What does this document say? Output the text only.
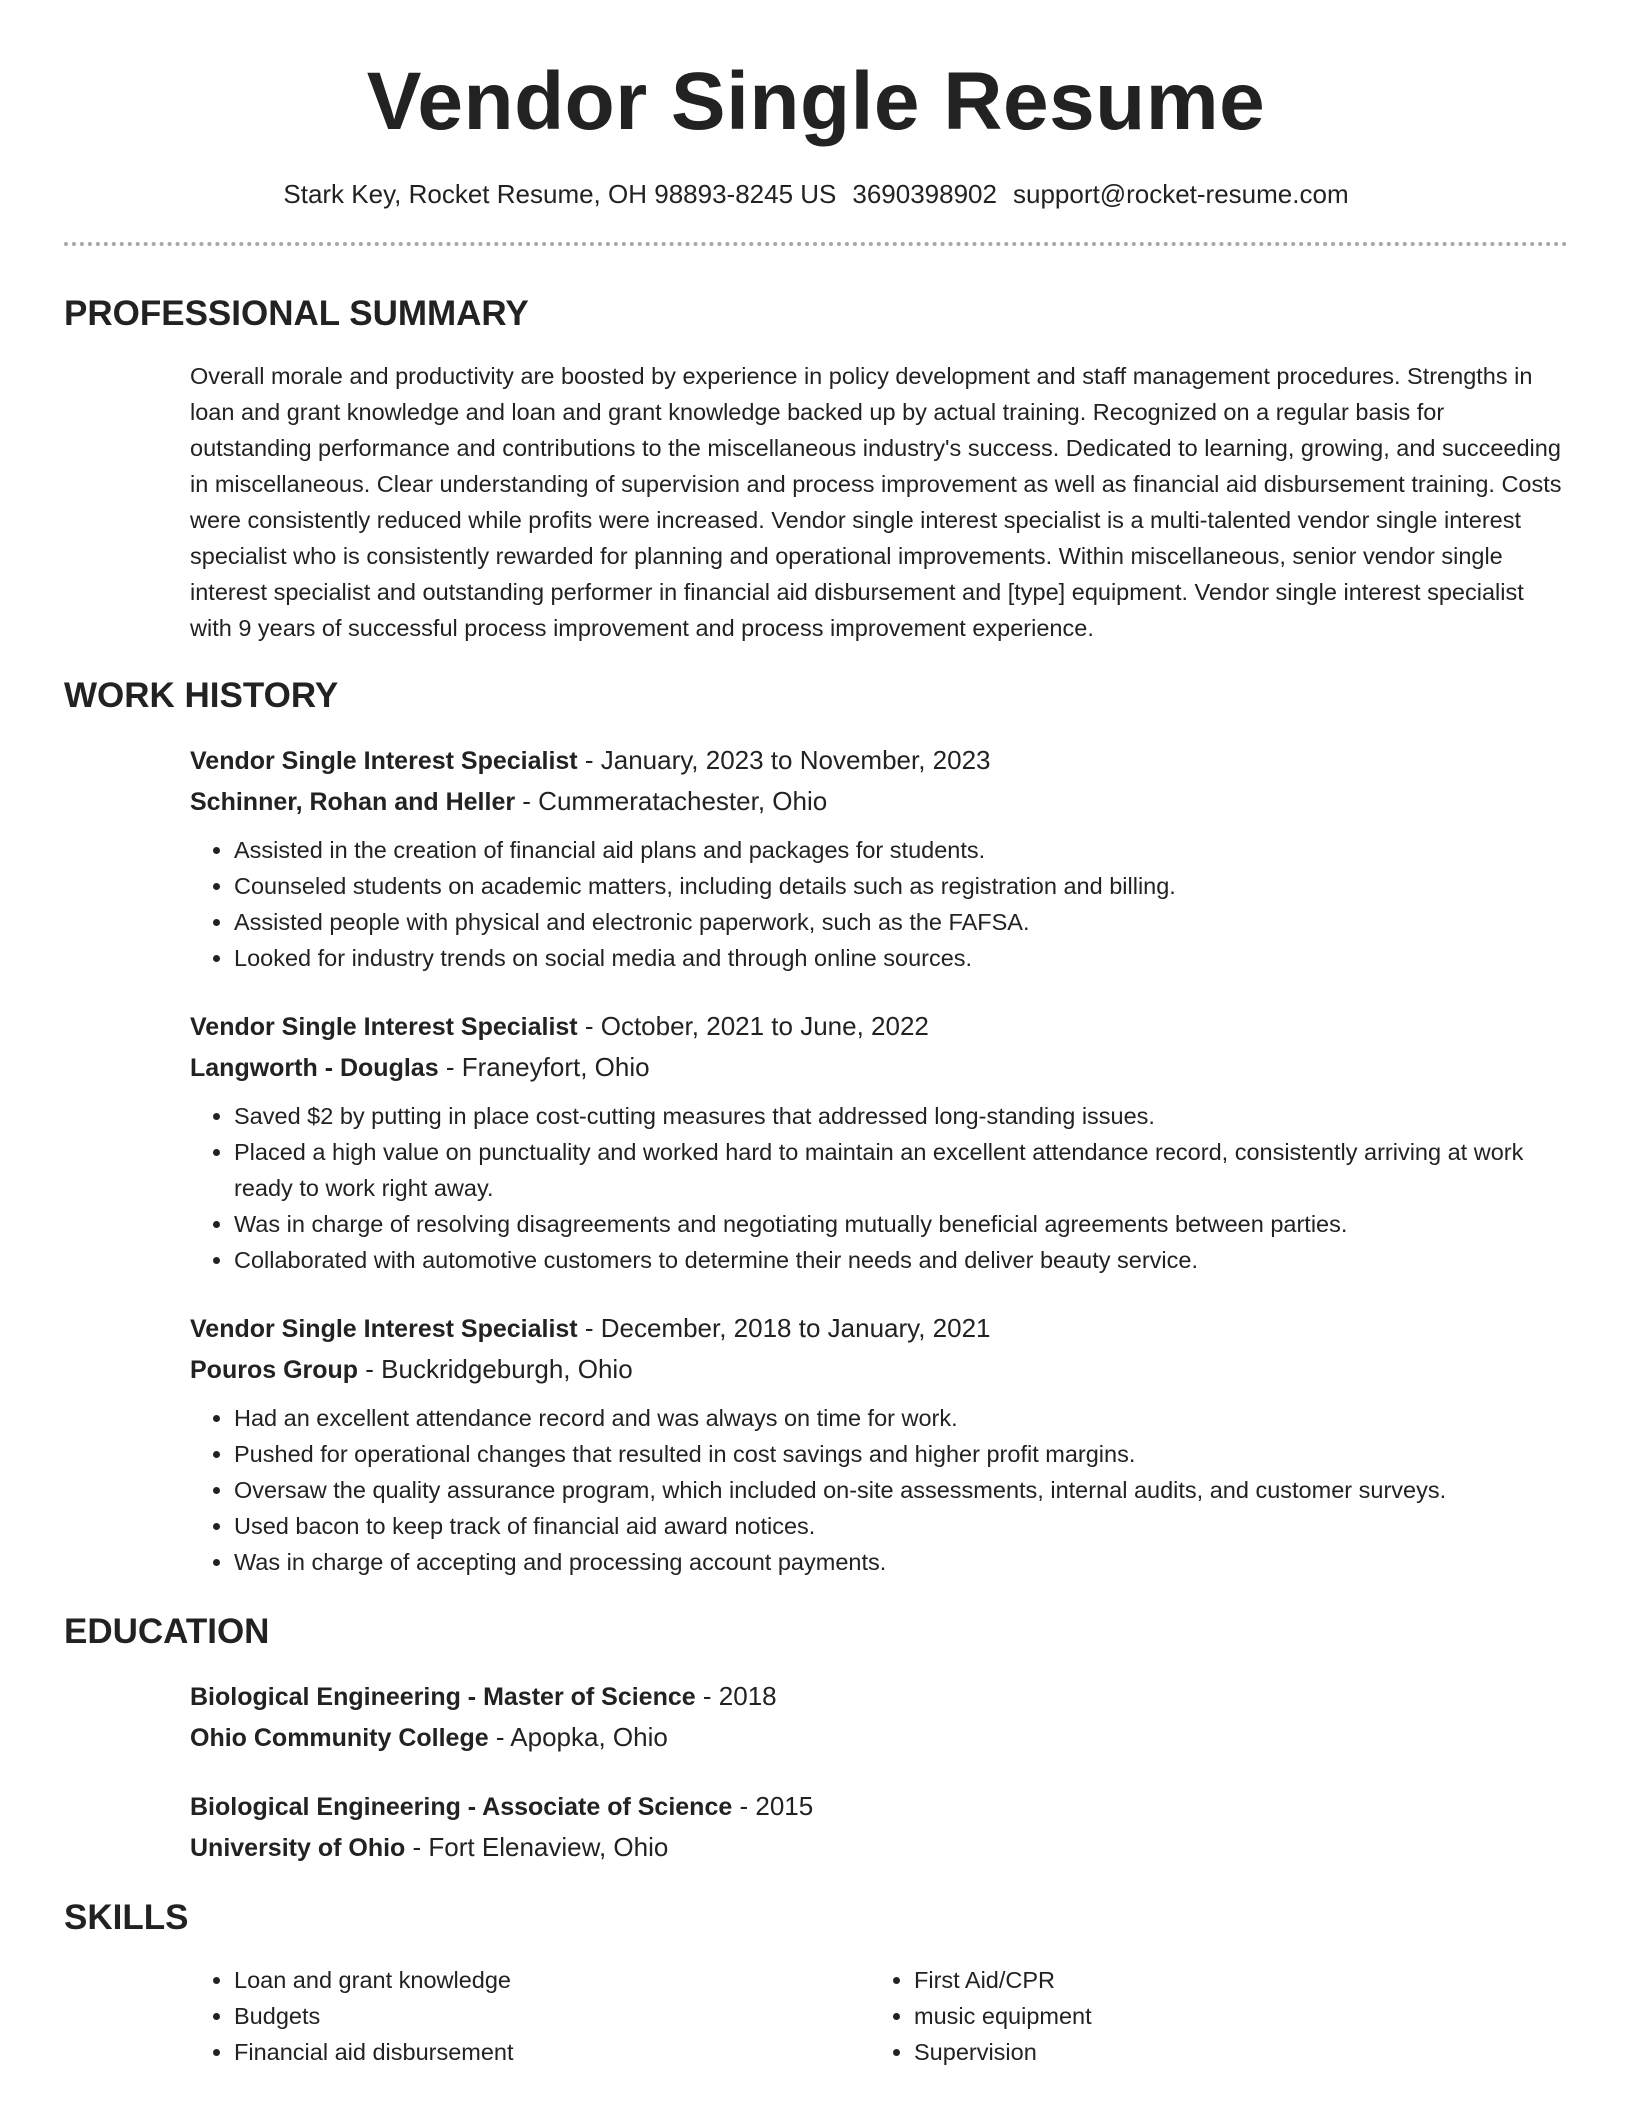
Vendor Single Resume
Stark Key, Rocket Resume, OH 98893-8245 US 3690398902 support@rocket-resume.com
PROFESSIONAL SUMMARY

Overall morale and productivity are boosted by experience in policy development and staff management procedures. Strengths in loan and grant knowledge and loan and grant knowledge backed up by actual training. Recognized on a regular basis for outstanding performance and contributions to the miscellaneous industry's success. Dedicated to learning, growing, and succeeding in miscellaneous. Clear understanding of supervision and process improvement as well as financial aid disbursement training. Costs were consistently reduced while profits were increased. Vendor single interest specialist is a multi-talented vendor single interest specialist who is consistently rewarded for planning and operational improvements. Within miscellaneous, senior vendor single interest specialist and outstanding performer in financial aid disbursement and [type] equipment. Vendor single interest specialist with 9 years of successful process improvement and process improvement experience.

WORK HISTORY
Vendor Single Interest Specialist - January, 2023 to November, 2023
Schinner, Rohan and Heller - Cummeratachester, Ohio
• Assisted in the creation of financial aid plans and packages for students.
• Counseled students on academic matters, including details such as registration and billing.
• Assisted people with physical and electronic paperwork, such as the FAFSA.
• Looked for industry trends on social media and through online sources.
Vendor Single Interest Specialist - October, 2021 to June, 2022
Langworth - Douglas - Franeyfort, Ohio
• Saved $2 by putting in place cost-cutting measures that addressed long-standing issues.
• Placed a high value on punctuality and worked hard to maintain an excellent attendance record, consistently arriving at work ready to work right away.
• Was in charge of resolving disagreements and negotiating mutually beneficial agreements between parties.
• Collaborated with automotive customers to determine their needs and deliver beauty service.
Vendor Single Interest Specialist - December, 2018 to January, 2021
Pouros Group - Buckridgeburgh, Ohio
• Had an excellent attendance record and was always on time for work.
• Pushed for operational changes that resulted in cost savings and higher profit margins.
• Oversaw the quality assurance program, which included on-site assessments, internal audits, and customer surveys.
• Used bacon to keep track of financial aid award notices.
• Was in charge of accepting and processing account payments.
EDUCATION
Biological Engineering - Master of Science - 2018
Ohio Community College - Apopka, Ohio
Biological Engineering - Associate of Science - 2015
University of Ohio - Fort Elenaview, Ohio
SKILLS
• Loan and grant knowledge
• Budgets
• Financial aid disbursement
• First Aid/CPR
• music equipment
• Supervision
